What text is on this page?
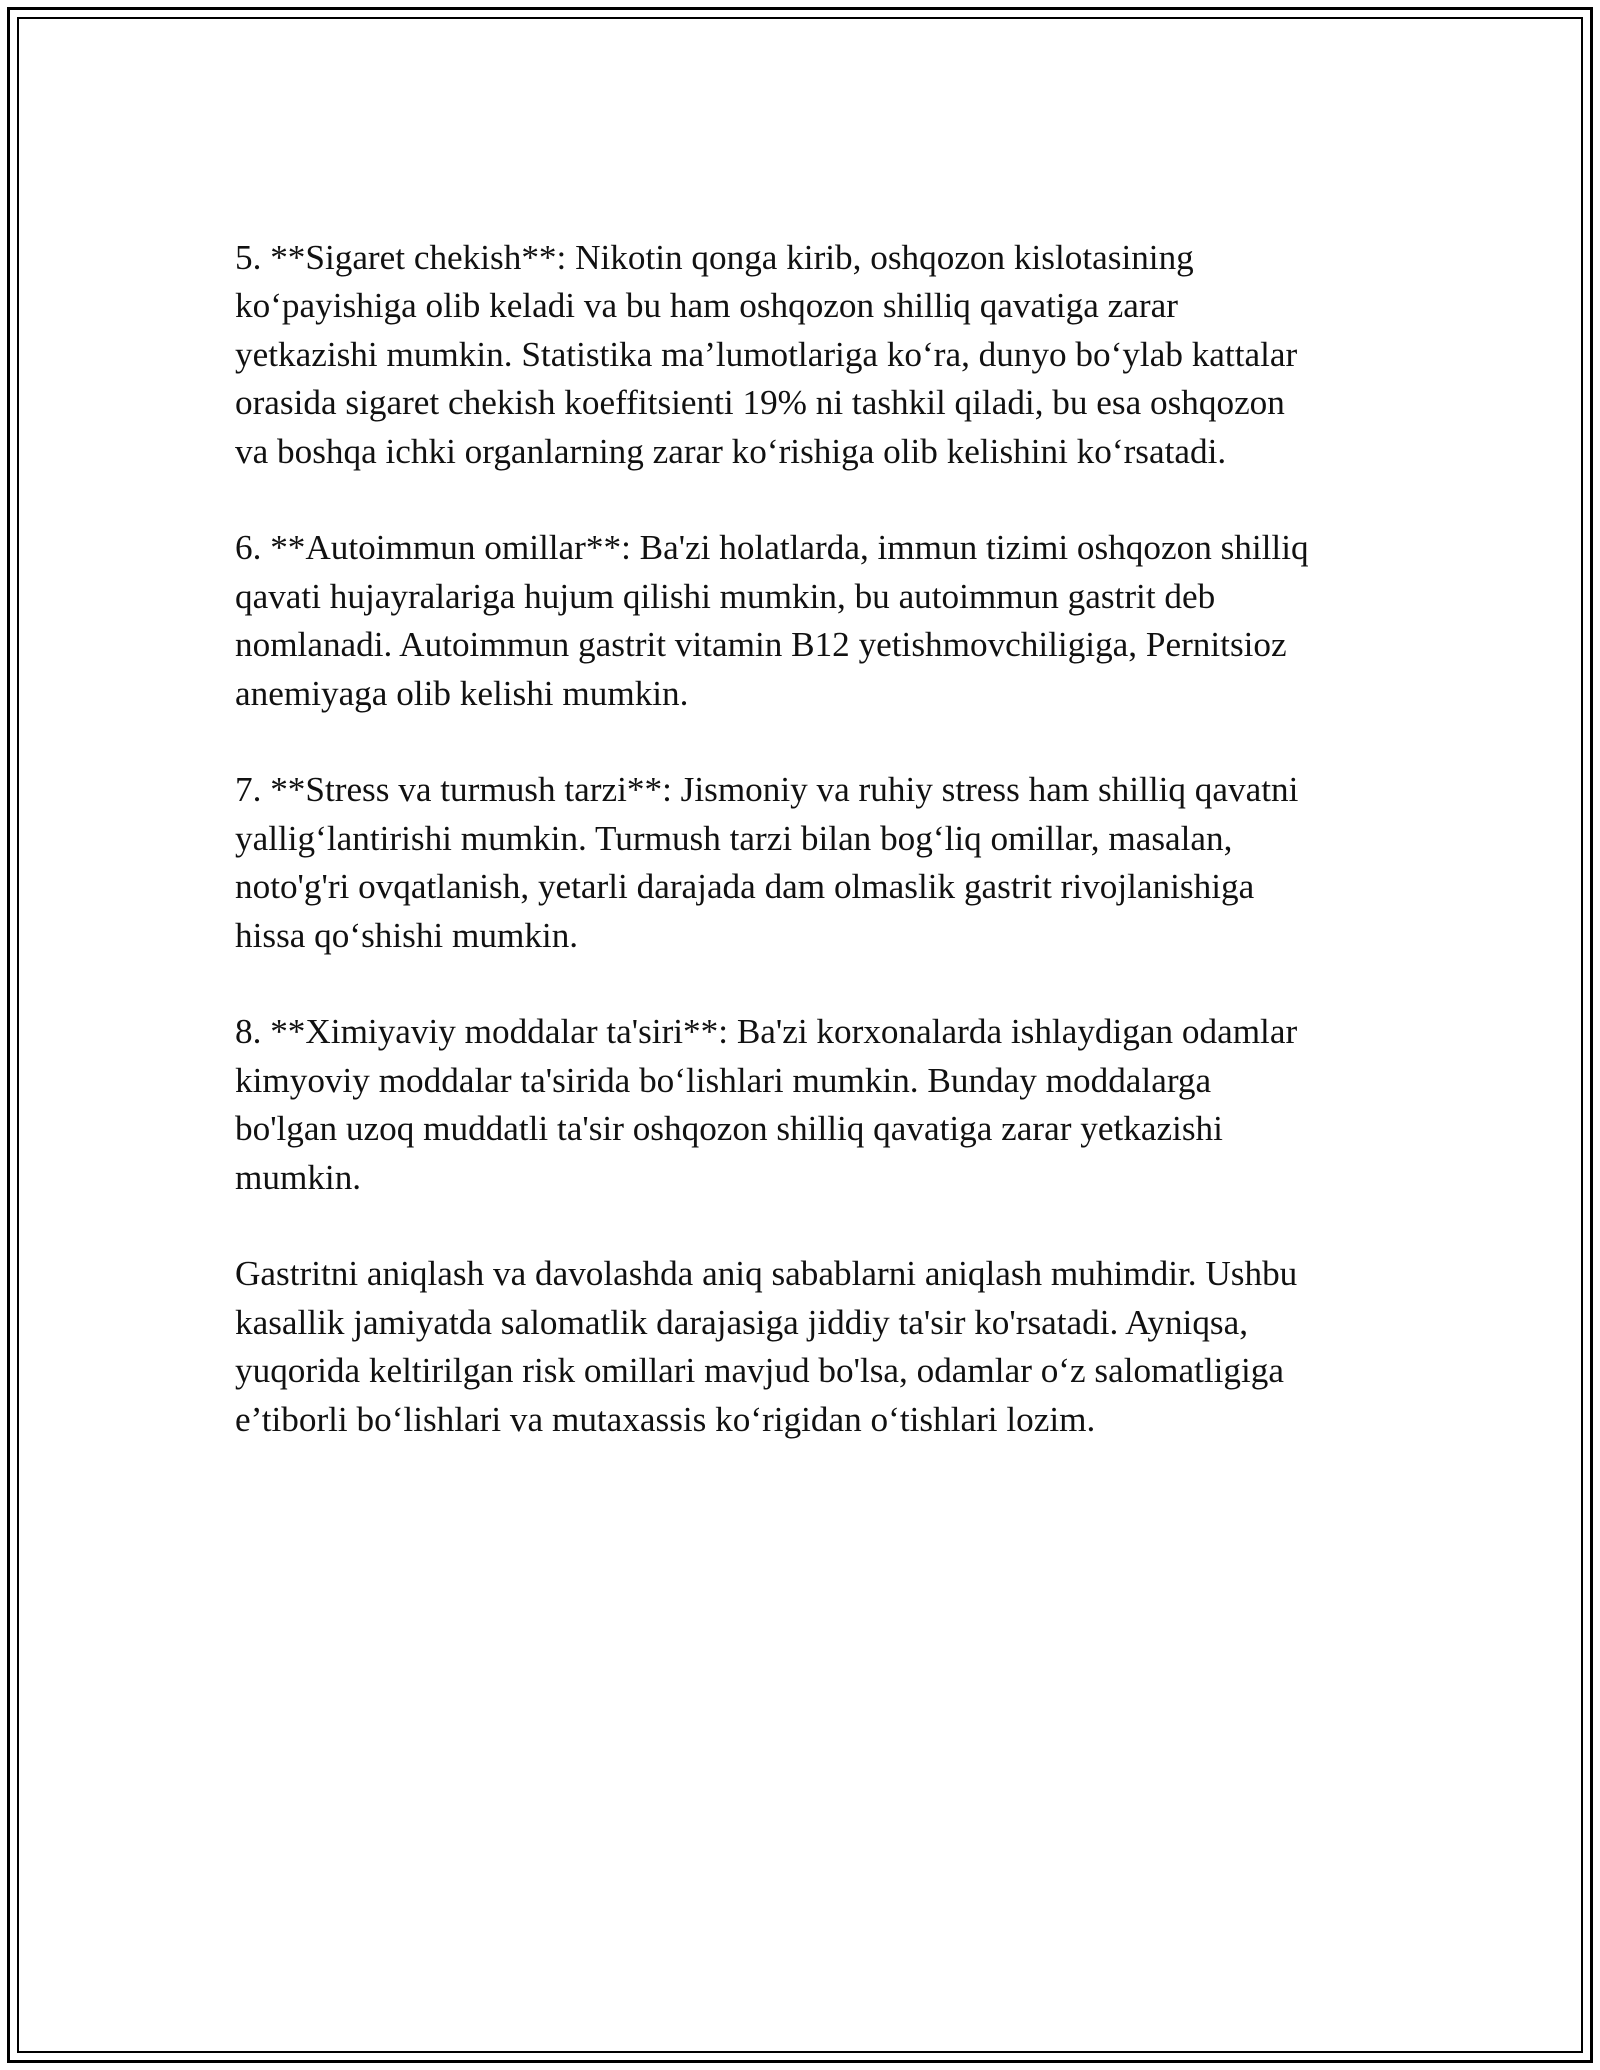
5. **Sigaret chekish**: Nikotin qonga kirib, oshqozon kislotasining
ko‘payishiga olib keladi va bu ham oshqozon shilliq qavatiga zarar
yetkazishi mumkin. Statistika ma’lumotlariga ko‘ra, dunyo bo‘ylab kattalar
orasida sigaret chekish koeffitsienti 19% ni tashkil qiladi, bu esa oshqozon
va boshqa ichki organlarning zarar ko‘rishiga olib kelishini ko‘rsatadi.

6. **Autoimmun omillar**: Ba'zi holatlarda, immun tizimi oshqozon shilliq
qavati hujayralariga hujum qilishi mumkin, bu autoimmun gastrit deb
nomlanadi. Autoimmun gastrit vitamin B12 yetishmovchiligiga, Pernitsioz
anemiyaga olib kelishi mumkin.

7. **Stress va turmush tarzi**: Jismoniy va ruhiy stress ham shilliq qavatni
yallig‘lantirishi mumkin. Turmush tarzi bilan bog‘liq omillar, masalan,
noto'g'ri ovqatlanish, yetarli darajada dam olmaslik gastrit rivojlanishiga
hissa qo‘shishi mumkin.

8. **Ximiyaviy moddalar ta'siri**: Ba'zi korxonalarda ishlaydigan odamlar
kimyoviy moddalar ta'sirida bo‘lishlari mumkin. Bunday moddalarga
bo'lgan uzoq muddatli ta'sir oshqozon shilliq qavatiga zarar yetkazishi
mumkin.

Gastritni aniqlash va davolashda aniq sabablarni aniqlash muhimdir. Ushbu
kasallik jamiyatda salomatlik darajasiga jiddiy ta'sir ko'rsatadi. Ayniqsa,
yuqorida keltirilgan risk omillari mavjud bo'lsa, odamlar o‘z salomatligiga
e’tiborli bo‘lishlari va mutaxassis ko‘rigidan o‘tishlari lozim.
